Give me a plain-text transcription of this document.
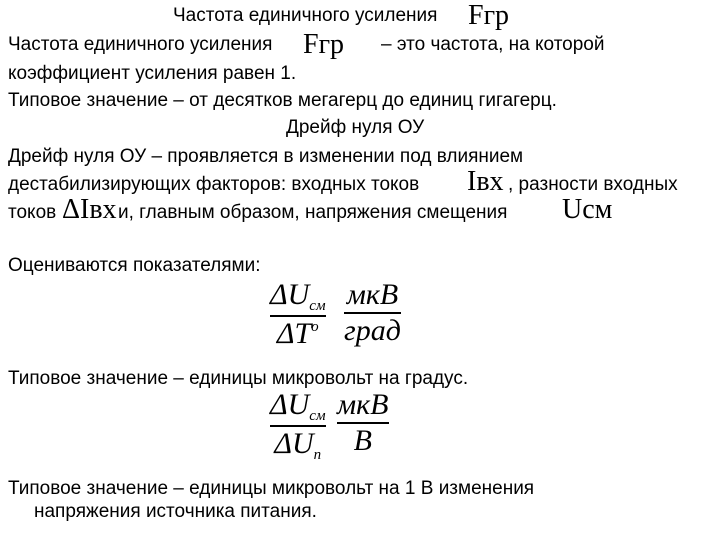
Частота единичного усиления Fгр
Частота единичного усиления Fгр – это частота, на которой
коэффициент усиления равен 1.
Типовое значение – от десятков мегагерц до единиц гигагерц.
Дрейф нуля ОУ
Дрейф нуля ОУ – проявляется в изменении под влиянием
дестабилизирующих факторов: входных токов Iвх , разности входных
токов ΔIвх и, главным образом, напряжения смещения Uсм
Оцениваются показателями:
$\Delta U_{см}$
$\Delta T^o$
мкВ
град
Типовое значение – единицы микровольт на градус.
$\Delta U_{см}$
$\Delta U_п$
мкВ
В
Типовое значение – единицы микровольт на 1 В изменения
напряжения источника питания.
